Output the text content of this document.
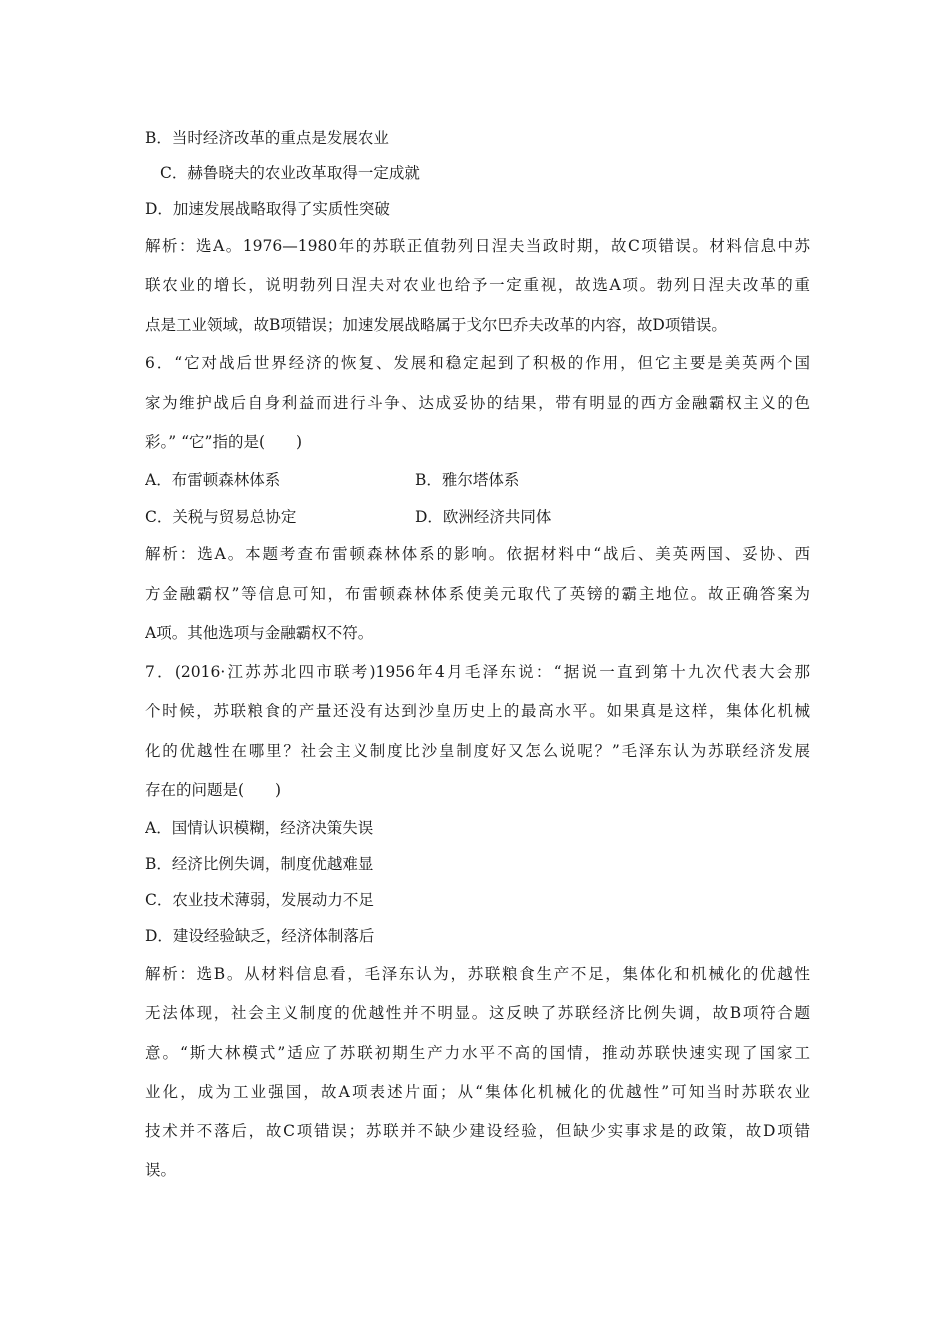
B．当时经济改革的重点是发展农业
C．赫鲁晓夫的农业改革取得一定成就
D．加速发展战略取得了实质性突破
解析：选A。1976—1980年的苏联正值勃列日涅夫当政时期，故C项错误。材料信息中苏
联农业的增长，说明勃列日涅夫对农业也给予一定重视，故选A项。勃列日涅夫改革的重
点是工业领域，故B项错误；加速发展战略属于戈尔巴乔夫改革的内容，故D项错误。
6．“它对战后世界经济的恢复、发展和稳定起到了积极的作用，但它主要是美英两个国
家为维护战后自身利益而进行斗争、达成妥协的结果，带有明显的西方金融霸权主义的色
彩。” “它”指的是(　　)
A．布雷顿森林体系	B．雅尔塔体系
C．关税与贸易总协定	D．欧洲经济共同体
解析：选A。本题考查布雷顿森林体系的影响。依据材料中“战后、美英两国、妥协、西
方金融霸权”等信息可知，布雷顿森林体系使美元取代了英镑的霸主地位。故正确答案为
A项。其他选项与金融霸权不符。
7．(2016·江苏苏北四市联考)1956年4月毛泽东说：“据说一直到第十九次代表大会那
个时候，苏联粮食的产量还没有达到沙皇历史上的最高水平。如果真是这样，集体化机械
化的优越性在哪里？社会主义制度比沙皇制度好又怎么说呢？”毛泽东认为苏联经济发展
存在的问题是(　　)
A．国情认识模糊，经济决策失误
B．经济比例失调，制度优越难显
C．农业技术薄弱，发展动力不足
D．建设经验缺乏，经济体制落后
解析：选B。从材料信息看，毛泽东认为，苏联粮食生产不足，集体化和机械化的优越性
无法体现，社会主义制度的优越性并不明显。这反映了苏联经济比例失调，故B项符合题
意。“斯大林模式”适应了苏联初期生产力水平不高的国情，推动苏联快速实现了国家工
业化，成为工业强国，故A项表述片面；从“集体化机械化的优越性”可知当时苏联农业
技术并不落后，故C项错误；苏联并不缺少建设经验，但缺少实事求是的政策，故D项错
误。
